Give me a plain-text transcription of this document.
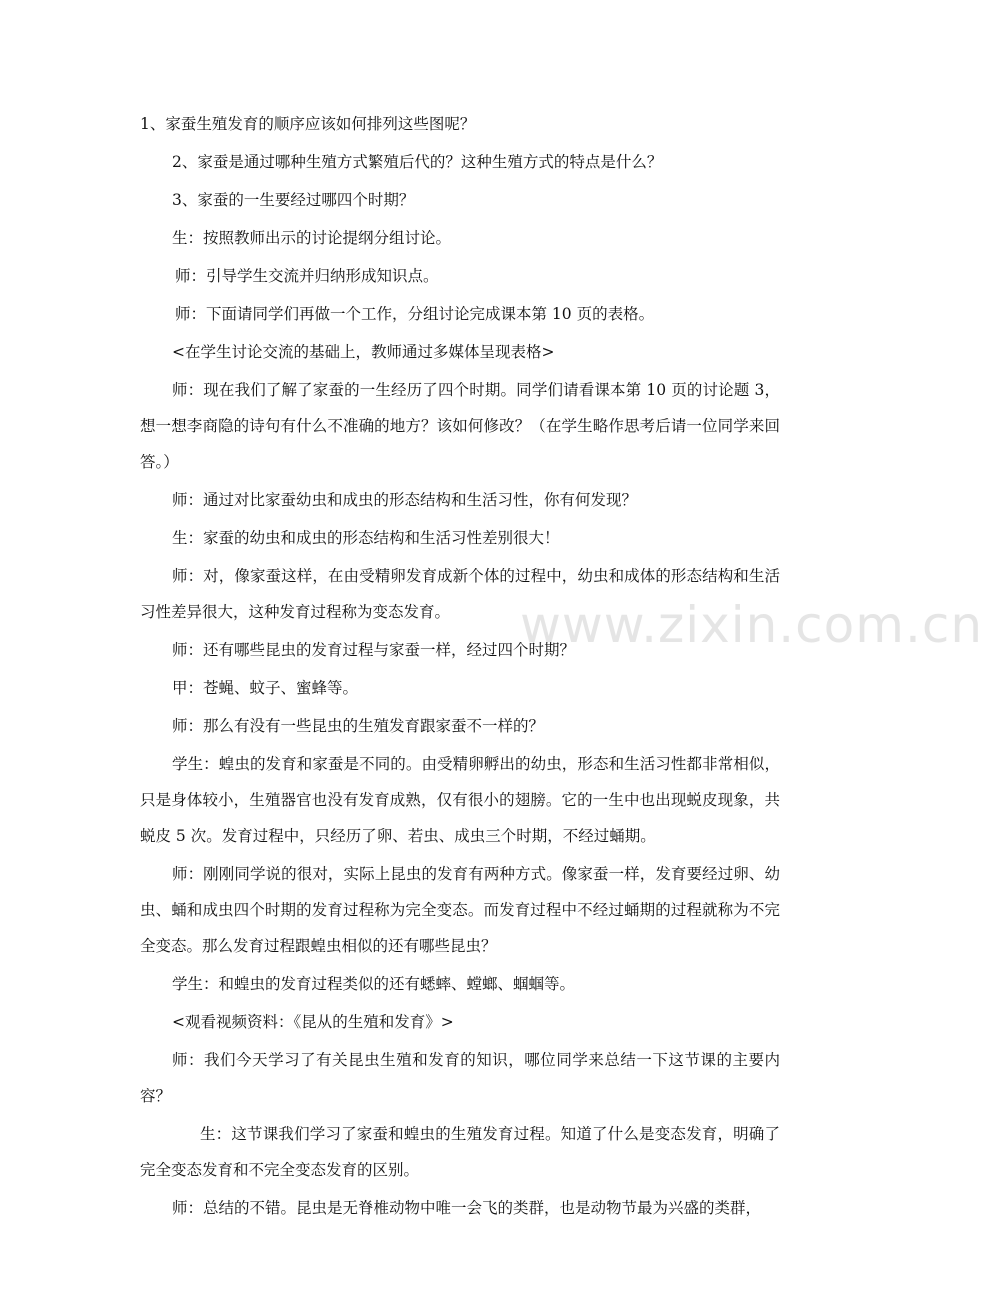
1、家蚕生殖发育的顺序应该如何排列这些图呢？

2、家蚕是通过哪种生殖方式繁殖后代的？这种生殖方式的特点是什么？

3、家蚕的一生要经过哪四个时期？

生：按照教师出示的讨论提纲分组讨论。

师：引导学生交流并归纳形成知识点。

师：下面请同学们再做一个工作，分组讨论完成课本第 10 页的表格。

<在学生讨论交流的基础上，教师通过多媒体呈现表格>

师：现在我们了解了家蚕的一生经历了四个时期。同学们请看课本第 10 页的讨论题 3，想一想李商隐的诗句有什么不准确的地方？该如何修改？（在学生略作思考后请一位同学来回答。）

师：通过对比家蚕幼虫和成虫的形态结构和生活习性，你有何发现？

生：家蚕的幼虫和成虫的形态结构和生活习性差别很大！

师：对，像家蚕这样，在由受精卵发育成新个体的过程中，幼虫和成体的形态结构和生活习性差异很大，这种发育过程称为变态发育。

师：还有哪些昆虫的发育过程与家蚕一样，经过四个时期？

甲：苍蝇、蚊子、蜜蜂等。

师：那么有没有一些昆虫的生殖发育跟家蚕不一样的？

学生：蝗虫的发育和家蚕是不同的。由受精卵孵出的幼虫，形态和生活习性都非常相似，只是身体较小，生殖器官也没有发育成熟，仅有很小的翅膀。它的一生中也出现蜕皮现象，共蜕皮 5 次。发育过程中，只经历了卵、若虫、成虫三个时期，不经过蛹期。

师：刚刚同学说的很对，实际上昆虫的发育有两种方式。像家蚕一样，发育要经过卵、幼虫、蛹和成虫四个时期的发育过程称为完全变态。而发育过程中不经过蛹期的过程就称为不完全变态。那么发育过程跟蝗虫相似的还有哪些昆虫？

学生：和蝗虫的发育过程类似的还有蟋蟀、螳螂、蝈蝈等。

<观看视频资料：《昆从的生殖和发育》>

师：我们今天学习了有关昆虫生殖和发育的知识，哪位同学来总结一下这节课的主要内容？

生：这节课我们学习了家蚕和蝗虫的生殖发育过程。知道了什么是变态发育，明确了完全变态发育和不完全变态发育的区别。

师：总结的不错。昆虫是无脊椎动物中唯一会飞的类群，也是动物节最为兴盛的类群，

www.zixin.com.cn
